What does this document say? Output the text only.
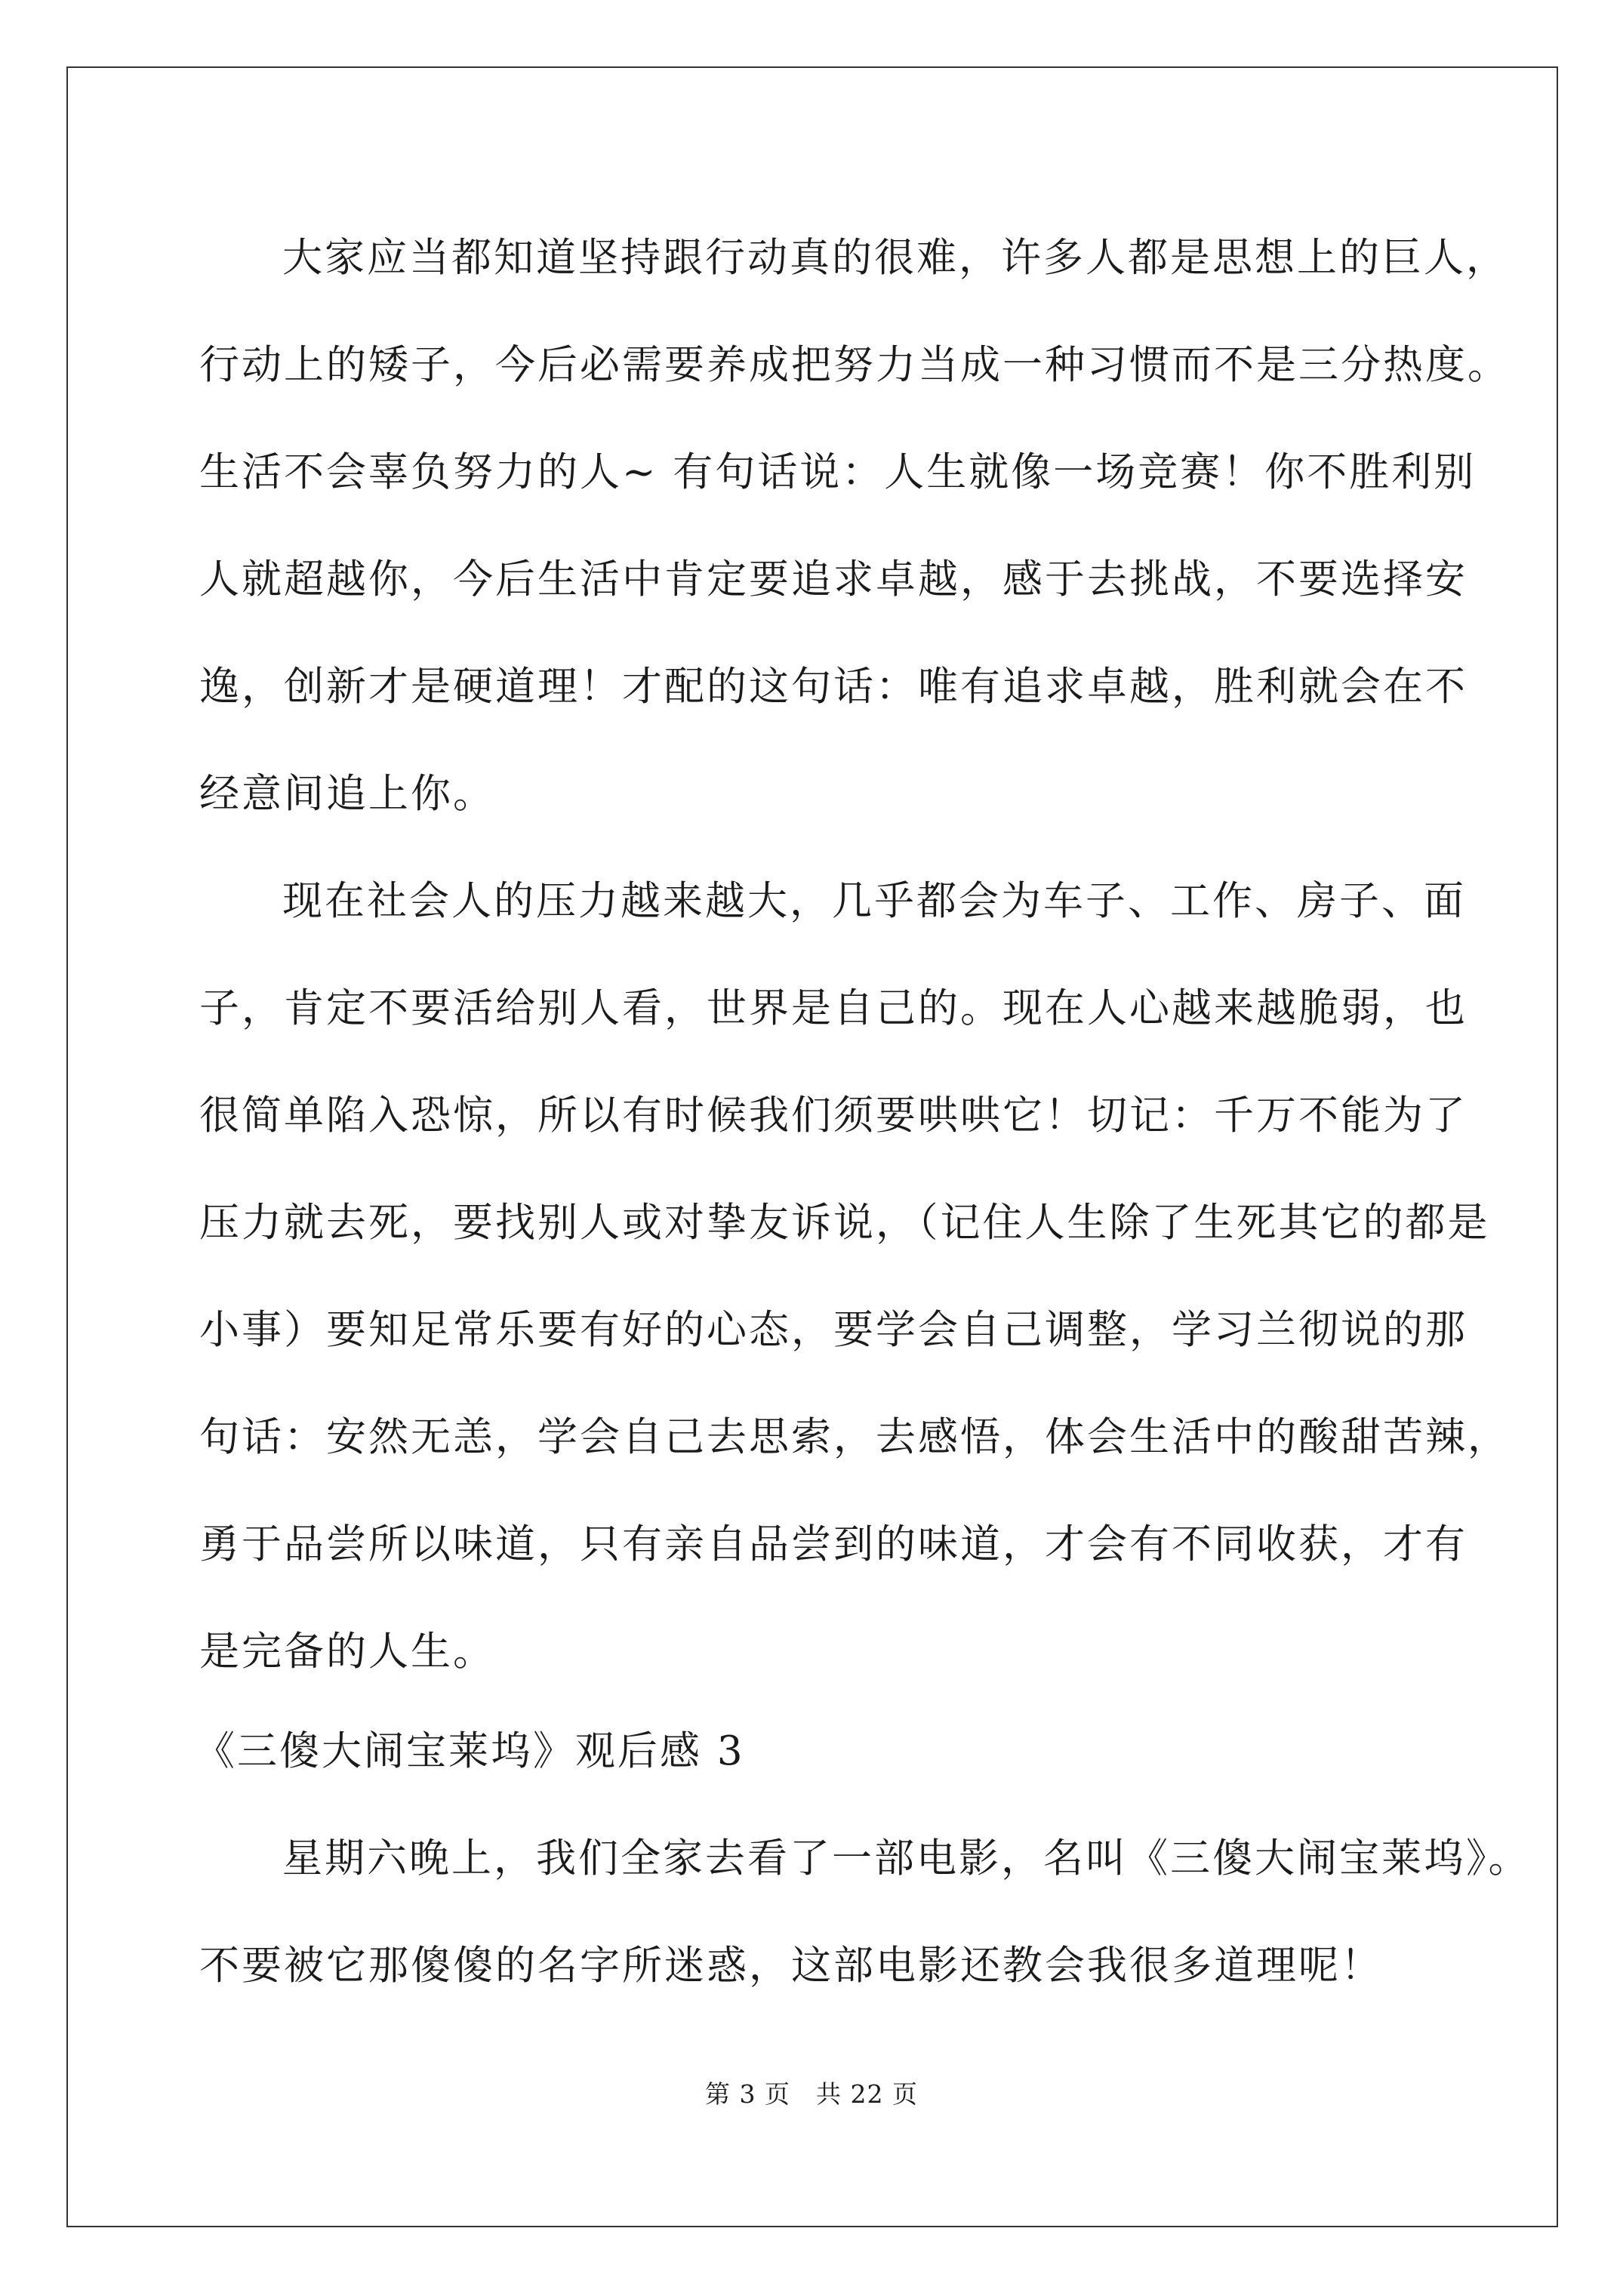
大家应当都知道坚持跟行动真的很难，许多人都是思想上的巨人，
行动上的矮子，今后必需要养成把努力当成一种习惯而不是三分热度。
生活不会辜负努力的人~ 有句话说：人生就像一场竞赛！你不胜利别
人就超越你，今后生活中肯定要追求卓越，感于去挑战，不要选择安
逸，创新才是硬道理！才配的这句话：唯有追求卓越，胜利就会在不
经意间追上你。
现在社会人的压力越来越大，几乎都会为车子、工作、房子、面
子，肯定不要活给别人看，世界是自己的。现在人心越来越脆弱，也
很简单陷入恐惊，所以有时候我们须要哄哄它！切记：千万不能为了
压力就去死，要找别人或对挚友诉说，（记住人生除了生死其它的都是
小事）要知足常乐要有好的心态，要学会自己调整，学习兰彻说的那
句话：安然无恙，学会自己去思索，去感悟，体会生活中的酸甜苦辣，
勇于品尝所以味道，只有亲自品尝到的味道，才会有不同收获，才有
是完备的人生。
《三傻大闹宝莱坞》观后感 3
星期六晚上，我们全家去看了一部电影，名叫《三傻大闹宝莱坞》。
不要被它那傻傻的名字所迷惑，这部电影还教会我很多道理呢！
第 3 页　共 22 页
